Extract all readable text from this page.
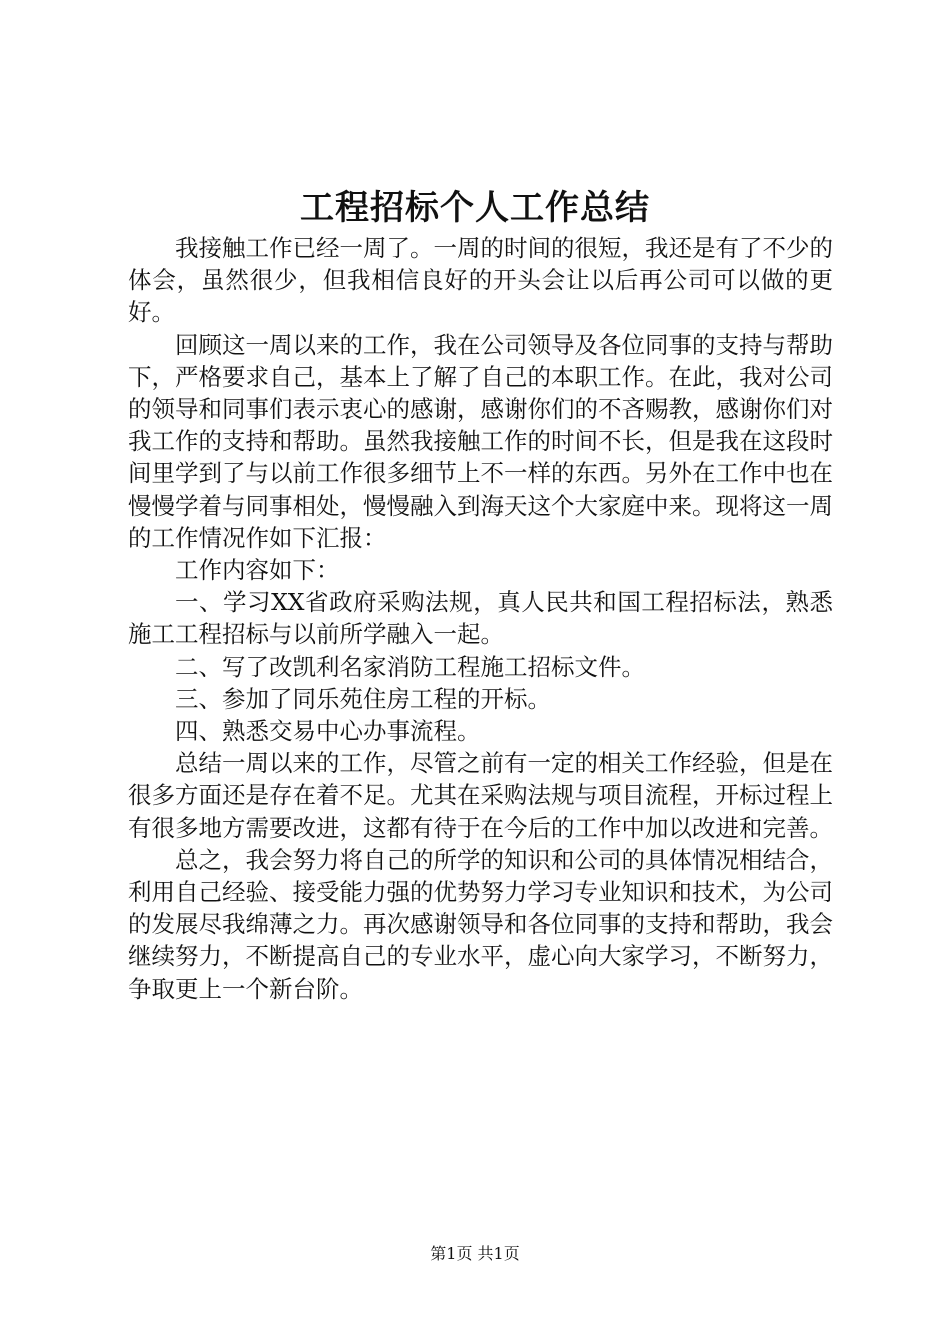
工程招标个人工作总结

我接触工作已经一周了。一周的时间的很短，我还是有了不少的体会，虽然很少，但我相信良好的开头会让以后再公司可以做的更好。

回顾这一周以来的工作，我在公司领导及各位同事的支持与帮助下，严格要求自己，基本上了解了自己的本职工作。在此，我对公司的领导和同事们表示衷心的感谢，感谢你们的不吝赐教，感谢你们对我工作的支持和帮助。虽然我接触工作的时间不长，但是我在这段时间里学到了与以前工作很多细节上不一样的东西。另外在工作中也在慢慢学着与同事相处，慢慢融入到海天这个大家庭中来。现将这一周的工作情况作如下汇报：

工作内容如下：

一、学习XX省政府采购法规，真人民共和国工程招标法，熟悉施工工程招标与以前所学融入一起。

二、写了改凯利名家消防工程施工招标文件。

三、参加了同乐苑住房工程的开标。

四、熟悉交易中心办事流程。

总结一周以来的工作，尽管之前有一定的相关工作经验，但是在很多方面还是存在着不足。尤其在采购法规与项目流程，开标过程上有很多地方需要改进，这都有待于在今后的工作中加以改进和完善。

总之，我会努力将自己的所学的知识和公司的具体情况相结合，利用自己经验、接受能力强的优势努力学习专业知识和技术，为公司的发展尽我绵薄之力。再次感谢领导和各位同事的支持和帮助，我会继续努力，不断提高自己的专业水平，虚心向大家学习，不断努力，争取更上一个新台阶。

第1页 共1页
